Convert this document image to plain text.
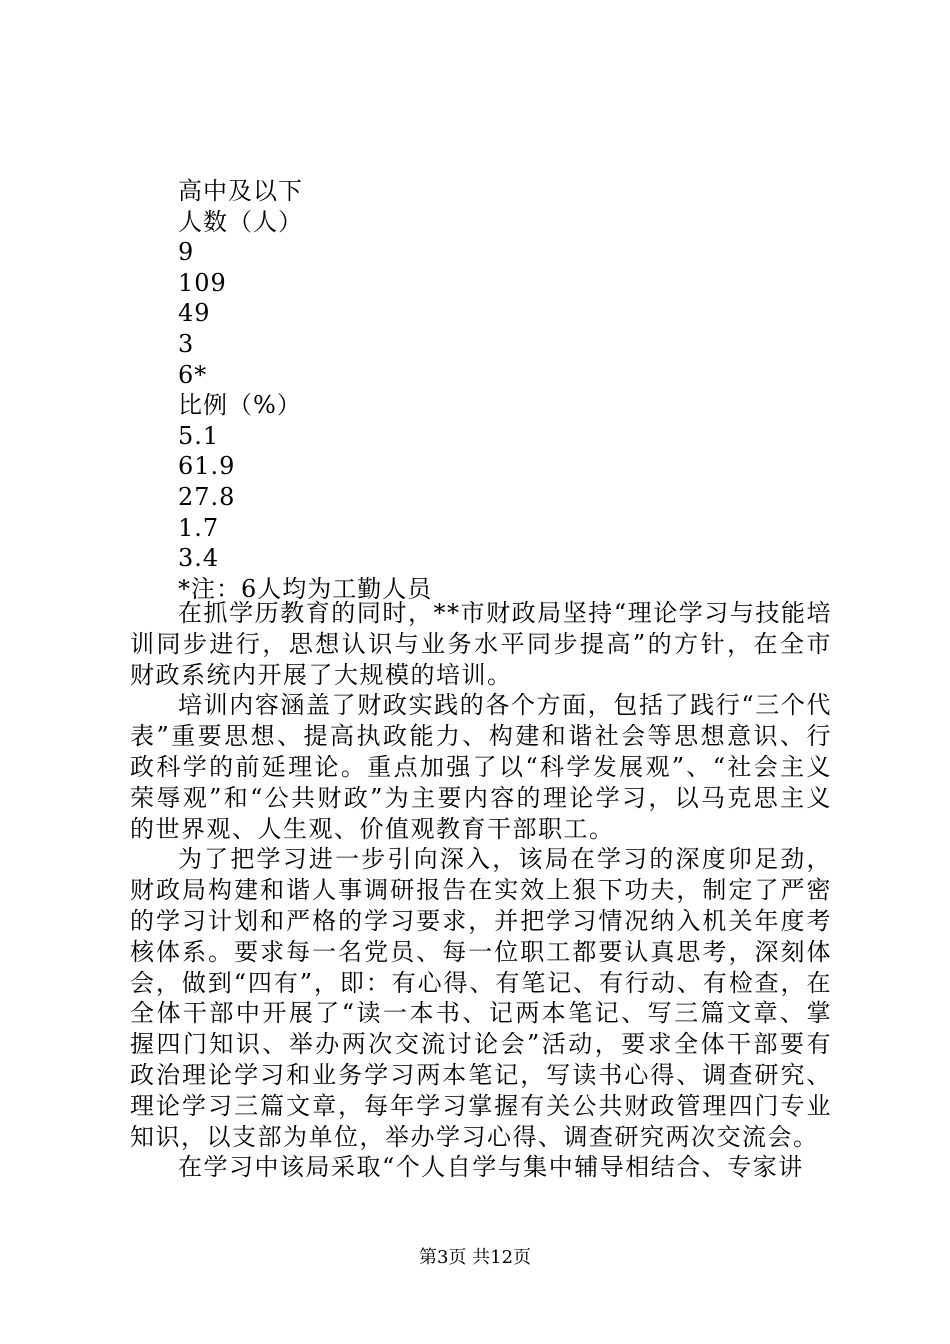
高中及以下
人数（人）
9
109
49
3
6*
比例（%）
5.1
61.9
27.8
1.7
3.4
*注：6人均为工勤人员

在抓学历教育的同时，**市财政局坚持“理论学习与技能培训同步进行，思想认识与业务水平同步提高”的方针，在全市财政系统内开展了大规模的培训。

培训内容涵盖了财政实践的各个方面，包括了践行“三个代表”重要思想、提高执政能力、构建和谐社会等思想意识、行政科学的前延理论。重点加强了以“科学发展观”、“社会主义荣辱观”和“公共财政”为主要内容的理论学习，以马克思主义的世界观、人生观、价值观教育干部职工。

为了把学习进一步引向深入，该局在学习的深度卯足劲，财政局构建和谐人事调研报告在实效上狠下功夫，制定了严密的学习计划和严格的学习要求，并把学习情况纳入机关年度考核体系。要求每一名党员、每一位职工都要认真思考，深刻体会，做到“四有”，即：有心得、有笔记、有行动、有检查，在全体干部中开展了“读一本书、记两本笔记、写三篇文章、掌握四门知识、举办两次交流讨论会”活动，要求全体干部要有政治理论学习和业务学习两本笔记，写读书心得、调查研究、理论学习三篇文章，每年学习掌握有关公共财政管理四门专业知识，以支部为单位，举办学习心得、调查研究两次交流会。

在学习中该局采取“个人自学与集中辅导相结合、专家讲

第3页 共12页
